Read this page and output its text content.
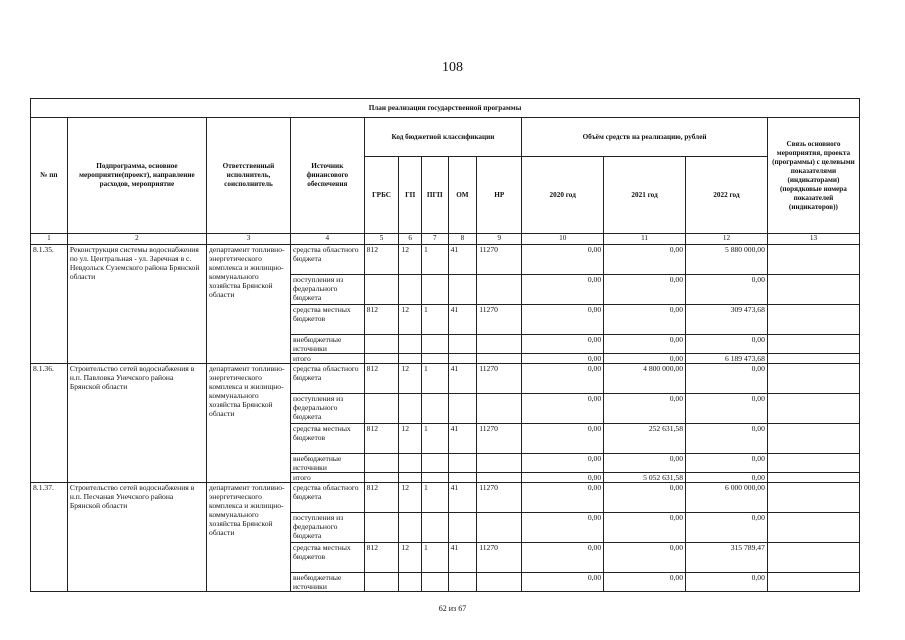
108
План реализации государственной программы												
№ пп	Подпрограмма, основное мероприятие(проект), направление расходов, мероприятие	Ответственный исполнитель, соисполнитель	Источник финансового обеспечения	Код бюджетной классификации					Объём средств на реализацию, рублей			Связь основного мероприятия, проекта (программы) с целевыми показателями (индикаторами) (порядковые номера показателей (индикаторов))
				ГРБС	ГП	ПГП	ОМ	НР	2020 год	2021 год	2022 год	
1	2	3	4	5	6	7	8	9	10	11	12	13
8.1.35.	Реконструкция системы водоснабжения по ул. Центральная - ул. Заречная в с. Невдольск Суземского района Брянской области	департамент топливно-энергетического комплекса и жилищно-коммунального хозяйства Брянской области	средства областного бюджета	812	12	1	41	11270	0,00	0,00	5 880 000,00	
			поступления из федерального бюджета						0,00	0,00	0,00	
			средства местных бюджетов	812	12	1	41	11270	0,00	0,00	309 473,68	
			внебюджетные источники						0,00	0,00	0,00	
			итого						0,00	0,00	6 189 473,68	
8.1.36.	Строительство сетей водоснабжения в н.п. Павловка Унечского района Брянской области	департамент топливно-энергетического комплекса и жилищно-коммунального хозяйства Брянской области	средства областного бюджета	812	12	1	41	11270	0,00	4 800 000,00	0,00	
			поступления из федерального бюджета						0,00	0,00	0,00	
			средства местных бюджетов	812	12	1	41	11270	0,00	252 631,58	0,00	
			внебюджетные источники						0,00	0,00	0,00	
			итого						0,00	5 052 631,58	0,00	
8.1.37.	Строительство сетей водоснабжения в н.п. Песчаная Унечского района Брянской области	департамент топливно-энергетического комплекса и жилищно-коммунального хозяйства Брянской области	средства областного бюджета	812	12	1	41	11270	0,00	0,00	6 000 000,00	
			поступления из федерального бюджета						0,00	0,00	0,00	
			средства местных бюджетов	812	12	1	41	11270	0,00	0,00	315 789,47	
			внебюджетные источники						0,00	0,00	0,00	
62 из 67
